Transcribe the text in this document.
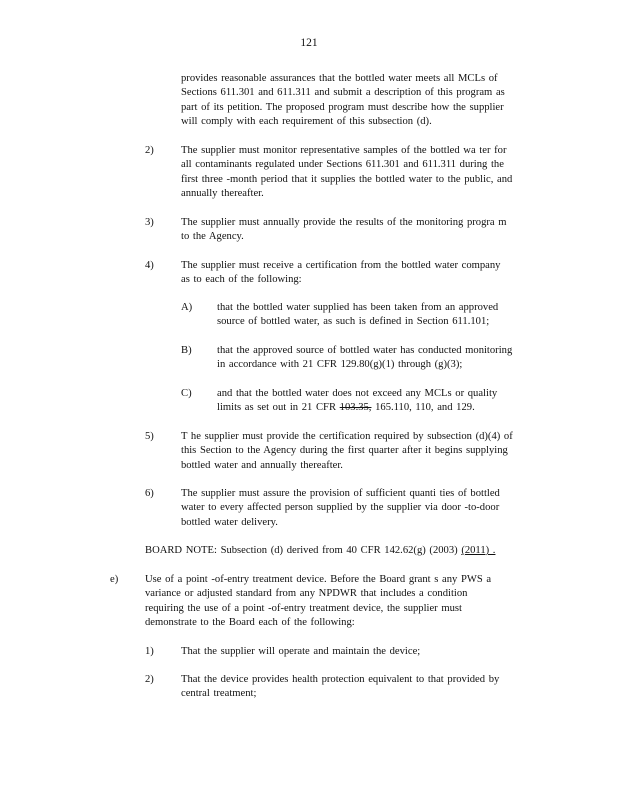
121
provides reasonable assurances that the bottled water meets all MCLs of
Sections 611.301 and 611.311 and submit a description of this program as
part of its petition. The proposed program must describe how the supplier
will comply with each requirement of this subsection (d).
2)	The supplier must monitor representative samples of the bottled wa ter for
all contaminants regulated under Sections 611.301 and 611.311 during the
first three -month period that it supplies the bottled water to the public, and
annually thereafter.
3)	The supplier must annually provide the results of the monitoring progra m
to the Agency.
4)	The supplier must receive a certification from the bottled water company
as to each of the following:
A) that the bottled water supplied has been taken from an approved
source of bottled water, as such is defined in Section 611.101;
B) that the approved source of bottled water has conducted monitoring
in accordance with 21 CFR 129.80(g)(1) through (g)(3);
C) and that the bottled water does not exceed any MCLs or quality
limits as set out in 21 CFR 103.35, 165.110, 110, and 129.
5)	T he supplier must provide the certification required by subsection (d)(4) of
this Section to the Agency during the first quarter after it begins supplying
bottled water and annually thereafter.
6)	The supplier must assure the provision of sufficient quanti ties of bottled
water to every affected person supplied by the supplier via door -to-door
bottled water delivery.
BOARD NOTE: Subsection (d) derived from 40 CFR 142.62(g) (2003) (2011) .
e)	Use of a point -of-entry treatment device. Before the Board grant s any PWS a
variance or adjusted standard from any NPDWR that includes a condition
requiring the use of a point -of-entry treatment device, the supplier must
demonstrate to the Board each of the following:
1)	That the supplier will operate and maintain the device;
2)	That the device provides health protection equivalent to that provided by
central treatment;
